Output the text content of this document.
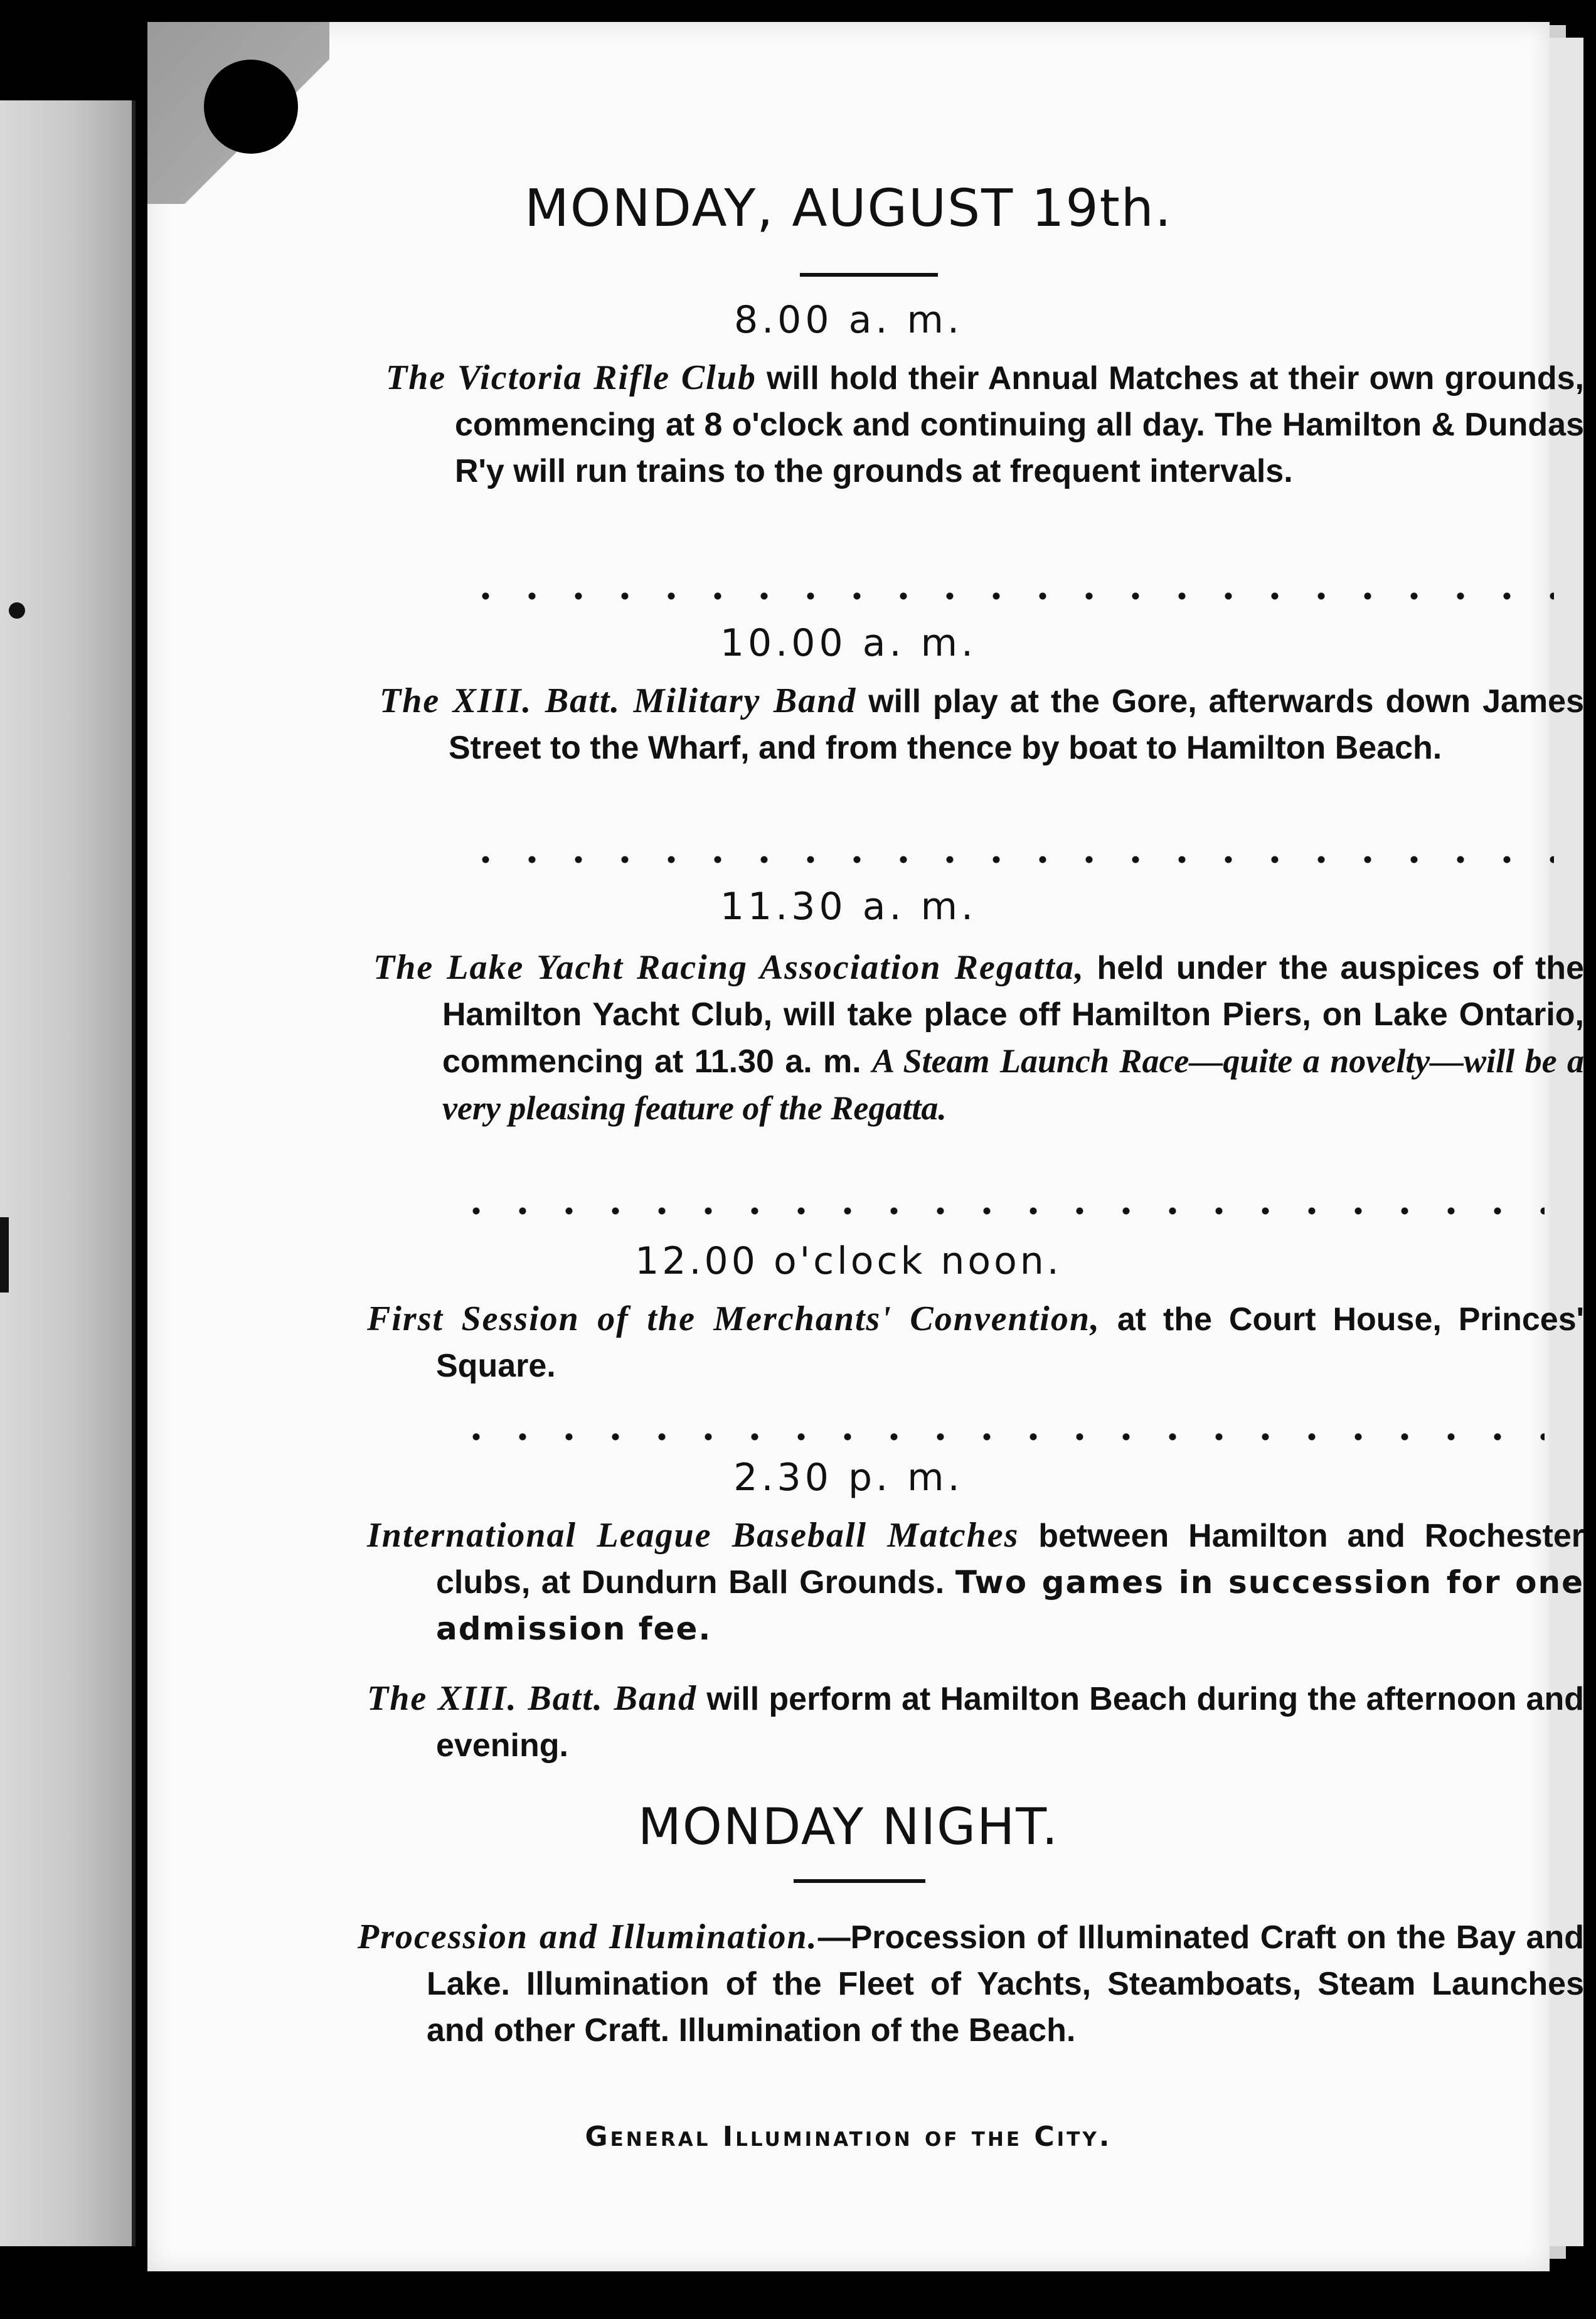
MONDAY, AUGUST 19th.
8.00 a. m.
The Victoria Rifle Club will hold their Annual Matches at their own grounds, commencing at 8 o'clock and continuing all day. The Hamilton & Dundas R'y will run trains to the grounds at frequent intervals.
10.00 a. m.
The XIII. Batt. Military Band will play at the Gore, afterwards down James Street to the Wharf, and from thence by boat to Hamilton Beach.
11.30 a. m.
The Lake Yacht Racing Association Regatta, held under the auspices of the Hamilton Yacht Club, will take place off Hamilton Piers, on Lake Ontario, commencing at 11.30 a. m. A Steam Launch Race—quite a novelty—will be a very pleasing feature of the Regatta.
12.00 o'clock noon.
First Session of the Merchants' Convention, at the Court House, Princes' Square.
2.30 p. m.
International League Baseball Matches between Hamilton and Rochester clubs, at Dundurn Ball Grounds. Two games in succession for one admission fee.
The XIII. Batt. Band will perform at Hamilton Beach during the afternoon and evening.
MONDAY NIGHT.
Procession and Illumination.—Procession of Illuminated Craft on the Bay and Lake. Illumination of the Fleet of Yachts, Steamboats, Steam Launches and other Craft. Illumination of the Beach.
General Illumination of the City.
